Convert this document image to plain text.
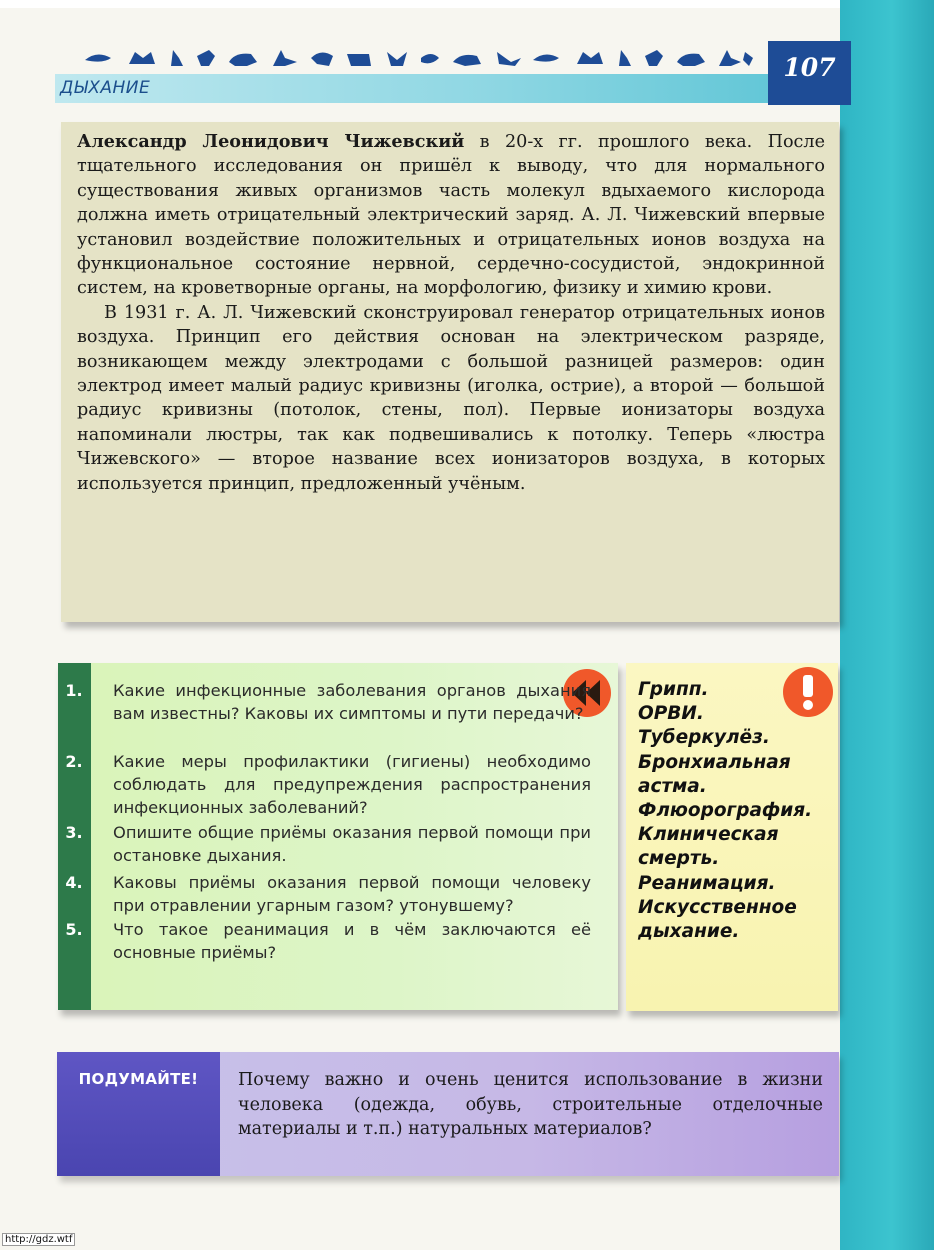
ДЫХАНИЕ
107

Александр Леонидович Чижевский в 20-х гг. прошлого века. После тщательного исследования он пришёл к выводу, что для нормального существования живых организмов часть молекул вдыхаемого кислорода должна иметь отрицательный электрический заряд. А. Л. Чижевский впервые установил воздействие положительных и отрицательных ионов воздуха на функциональное состояние нервной, сердечно-сосудистой, эндокринной систем, на кроветворные органы, на морфологию, физику и химию крови.

В 1931 г. А. Л. Чижевский сконструировал генератор отрицательных ионов воздуха. Принцип его действия основан на электрическом разряде, возникающем между электродами с большой разницей размеров: один электрод имеет малый радиус кривизны (иголка, острие), а второй — большой радиус кривизны (потолок, стены, пол). Первые ионизаторы воздуха напоминали люстры, так как подвешивались к потолку. Теперь «люстра Чижевского» — второе название всех ионизаторов воздуха, в которых используется принцип, предложенный учёным.

1.	Какие инфекционные заболевания органов дыхания вам известны? Каковы их симптомы и пути передачи?
2.	Какие меры профилактики (гигиены) необходимо соблюдать для предупреждения распространения инфекционных заболеваний?
3.	Опишите общие приёмы оказания первой помощи при остановке дыхания.
4.	Каковы приёмы оказания первой помощи человеку при отравлении угарным газом? утонувшему?
5.	Что такое реанимация и в чём заключаются её основные приёмы?
Грипп.
ОРВИ.
Туберкулёз.
Бронхиальная
астма.
Флюорография.
Клиническая
смерть.
Реанимация.
Искусственное
дыхание.
ПОДУМАЙТЕ!	Почему важно и очень ценится использование в жизни человека (одежда, обувь, строительные отделочные материалы и т.п.) натуральных материалов?
http://gdz.wtf
